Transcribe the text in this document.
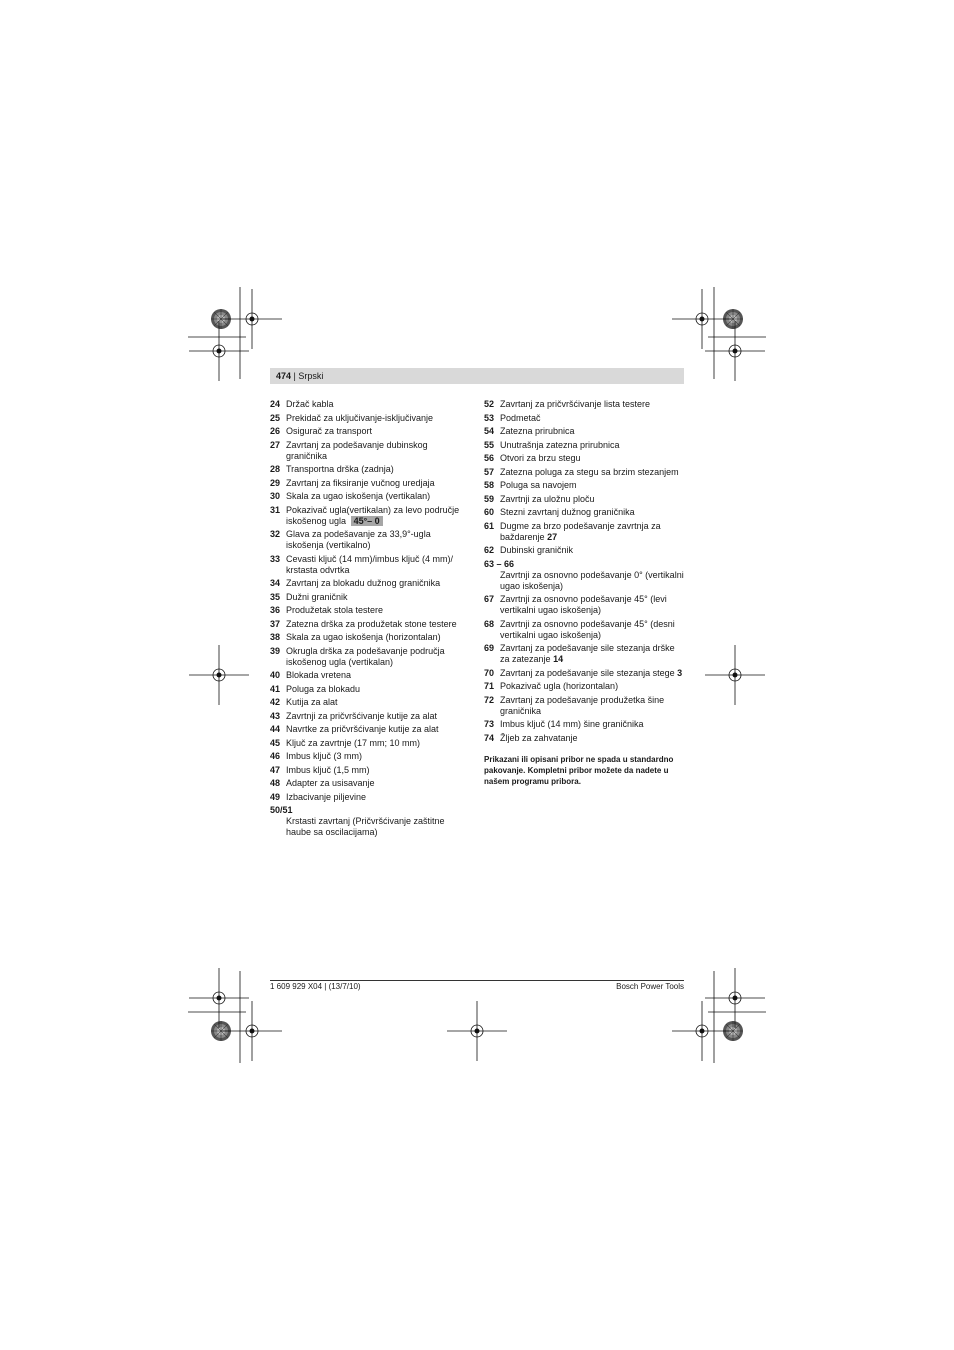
474 | Srpski
24 Držač kabla
25 Prekidač za uključivanje-isključivanje
26 Osigurač za transport
27 Zavrtanj za podešavanje dubinskog graničnika
28 Transportna drška (zadnja)
29 Zavrtanj za fiksiranje vučnog uredjaja
30 Skala za ugao iskošenja (vertikalan)
31 Pokazivač ugla(vertikalan) za levo područje iskošenog ugla 45°– 0
32 Glava za podešavanje za 33,9°-ugla iskošenja (vertikalno)
33 Cevasti ključ (14 mm)/imbus ključ (4 mm)/ krstasta odvrtka
34 Zavrtanj za blokadu dužnog graničnika
35 Dužni graničnik
36 Produžetak stola testere
37 Zatezna drška za produžetak stone testere
38 Skala za ugao iskošenja (horizontalan)
39 Okrugla drška za podešavanje područja iskošenog ugla (vertikalan)
40 Blokada vretena
41 Poluga za blokadu
42 Kutija za alat
43 Zavrtnji za pričvršćivanje kutije za alat
44 Navrtke za pričvršćivanje kutije za alat
45 Ključ za zavrtnje (17 mm; 10 mm)
46 Imbus ključ (3 mm)
47 Imbus ključ (1,5 mm)
48 Adapter za usisavanje
49 Izbacivanje piljevine
50/51
Krstasti zavrtanj (Pričvršćivanje zaštitne haube sa oscilacijama)
52 Zavrtanj za pričvršćivanje lista testere
53 Podmetač
54 Zatezna prirubnica
55 Unutrašnja zatezna prirubnica
56 Otvori za brzu stegu
57 Zatezna poluga za stegu sa brzim stezanjem
58 Poluga sa navojem
59 Zavrtnji za uložnu ploču
60 Stezni zavrtanj dužnog graničnika
61 Dugme za brzo podešavanje zavrtnja za baždarenje 27
62 Dubinski graničnik
63 – 66
Zavrtnji za osnovno podešavanje 0° (vertikalni ugao iskošenja)
67 Zavrtnji za osnovno podešavanje 45° (levi vertikalni ugao iskošenja)
68 Zavrtnji za osnovno podešavanje 45° (desni vertikalni ugao iskošenja)
69 Zavrtanj za podešavanje sile stezanja drške za zatezanje 14
70 Zavrtanj za podešavanje sile stezanja stege 3
71 Pokazivač ugla (horizontalan)
72 Zavrtanj za podešavanje produžetka šine graničnika
73 Imbus ključ (14 mm) šine graničnika
74 Žljeb za zahvatanje
Prikazani ili opisani pribor ne spada u standardno pakovanje. Kompletni pribor možete da nadete u našem programu pribora.
1 609 929 X04 | (13/7/10)	Bosch Power Tools
